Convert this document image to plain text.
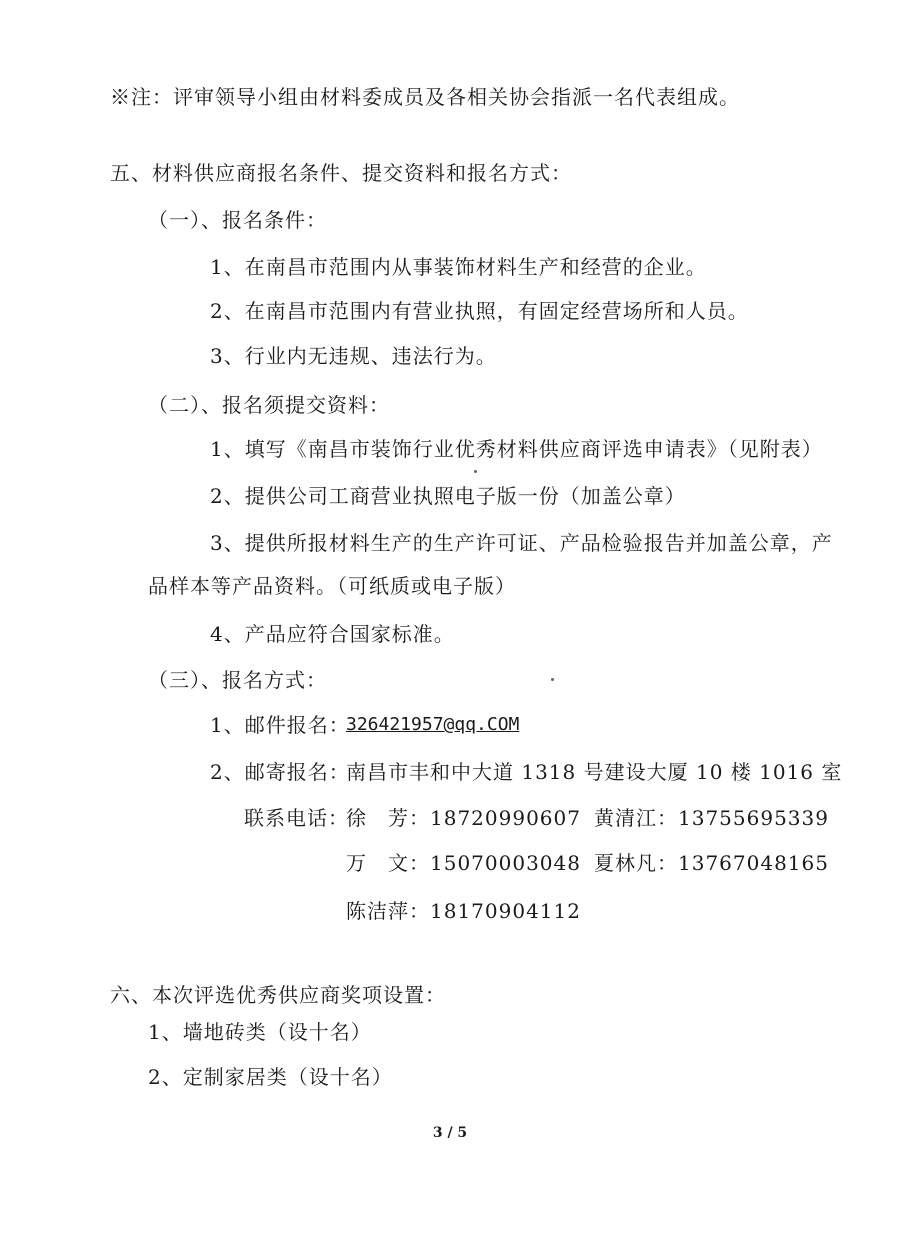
※注：评审领导小组由材料委成员及各相关协会指派一名代表组成。
五、材料供应商报名条件、提交资料和报名方式：
（一）、报名条件：
1、在南昌市范围内从事装饰材料生产和经营的企业。
2、在南昌市范围内有营业执照，有固定经营场所和人员。
3、行业内无违规、违法行为。
（二）、报名须提交资料：
1、填写《南昌市装饰行业优秀材料供应商评选申请表》（见附表）
2、提供公司工商营业执照电子版一份（加盖公章）
3、提供所报材料生产的生产许可证、产品检验报告并加盖公章，产
品样本等产品资料。（可纸质或电子版）
4、产品应符合国家标准。
（三）、报名方式：
1、邮件报名：
326421957@qq.COM
2、邮寄报名：
南昌市丰和中大道 1318 号建设大厦 10 楼 1016 室
联系电话：
徐　芳：18720990607 黄清江：13755695339
万　文：15070003048 夏林凡：13767048165
陈洁萍：18170904112
六、本次评选优秀供应商奖项设置：
1、墙地砖类（设十名）
2、定制家居类（设十名）
3 / 5
